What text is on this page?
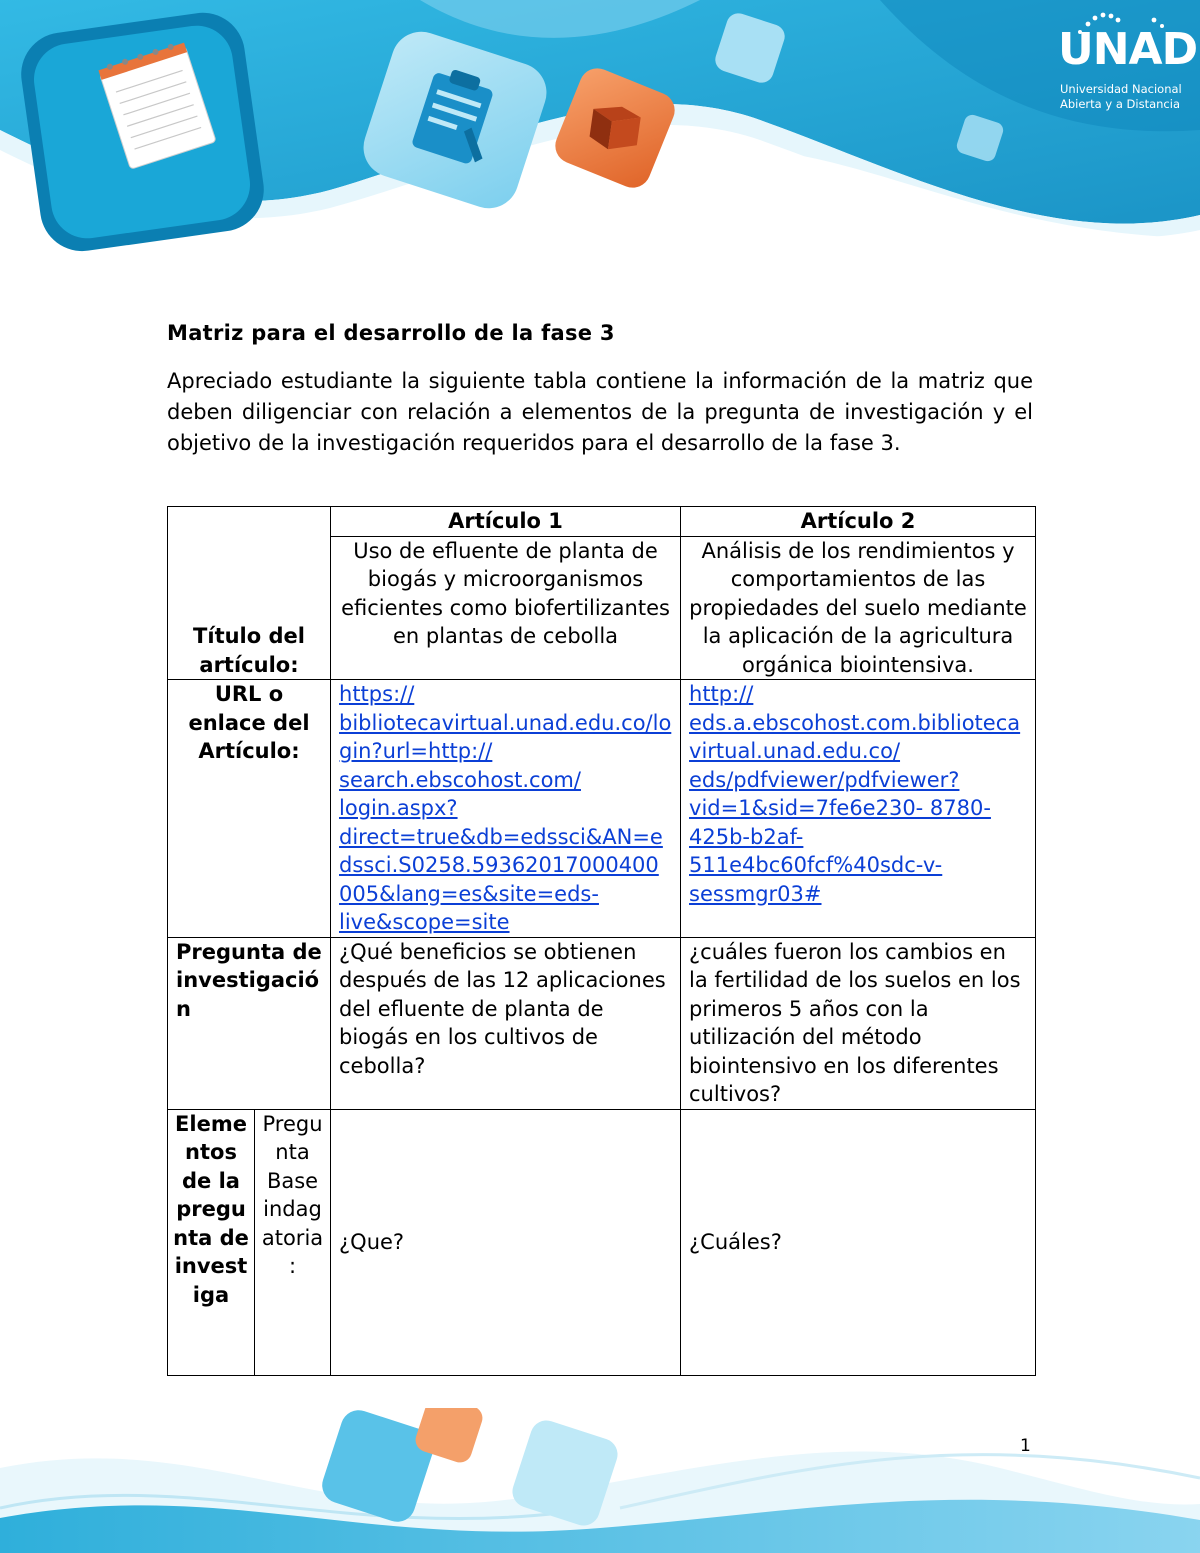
UNAD
Universidad Nacional
Abierta y a Distancia
Matriz para el desarrollo de la fase 3
Apreciado estudiante la siguiente tabla contiene la información de la matriz que deben diligenciar con relación a elementos de la pregunta de investigación y el objetivo de la investigación requeridos para el desarrollo de la fase 3.
Título del artículo:		Artículo 1	Artículo 2
		Uso de efluente de planta de biogás y microorganismos eficientes como biofertilizantes en plantas de cebolla	Análisis de los rendimientos y comportamientos de las propiedades del suelo mediante la aplicación de la agricultura orgánica biointensiva.
URL o enlace del Artículo:		https:// bibliotecavirtual.unad.edu.co/login?url=http:// search.ebscohost.com/ login.aspx? direct=true&db=edssci&AN=edssci.S0258.59362017000400005&lang=es&site=eds-live&scope=site	http:// eds.a.ebscohost.com.bibliotecavirtual.unad.edu.co/ eds/pdfviewer/pdfviewer? vid=1&sid=7fe6e230- 8780-425b-b2af- 511e4bc60fcf%40sdc-v- sessmgr03#
Pregunta de investigación		¿Qué beneficios se obtienen después de las 12 aplicaciones del efluente de planta de biogás en los cultivos de cebolla?	¿cuáles fueron los cambios en la fertilidad de los suelos en los primeros 5 años con la utilización del método biointensivo en los diferentes cultivos?
Elementos de la pregunta de investiga	Pregunta Base indagatoria:	¿Que?	¿Cuáles?
1
